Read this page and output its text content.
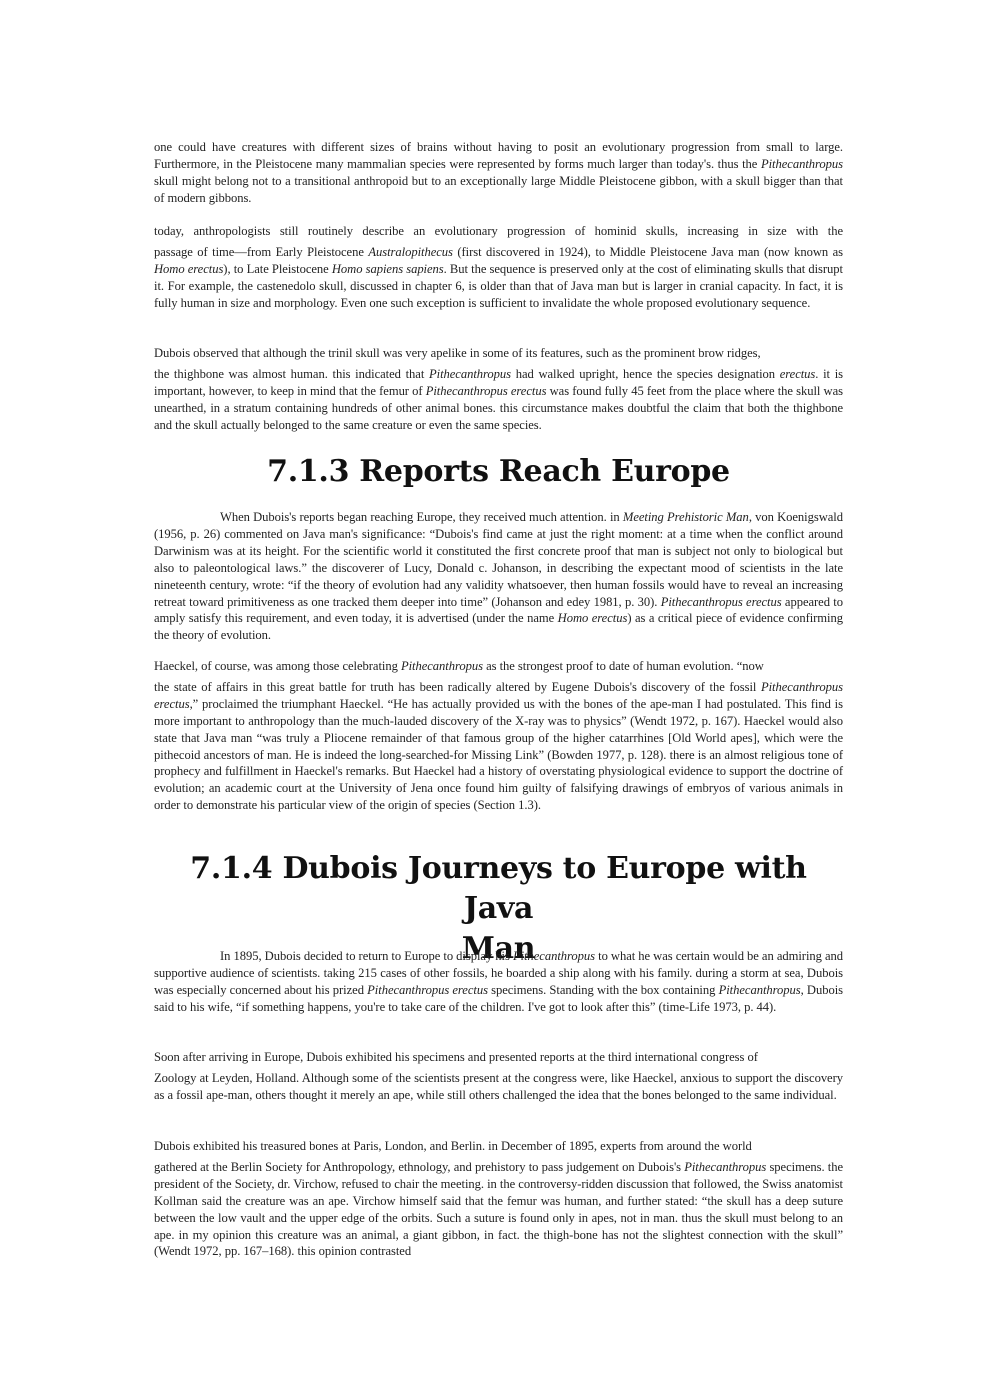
one could have creatures with different sizes of brains without having to posit an evolutionary progression from small to large. Furthermore, in the Pleistocene many mammalian species were represented by forms much larger than today's. thus the Pithecanthropus skull might belong not to a transitional anthropoid but to an exceptionally large Middle Pleistocene gibbon, with a skull bigger than that of modern gibbons.

today, anthropologists still routinely describe an evolutionary progression of hominid skulls, increasing in size with the
passage of time—from Early Pleistocene Australopithecus (first discovered in 1924), to Middle Pleistocene Java man (now known as Homo erectus), to Late Pleistocene Homo sapiens sapiens. But the sequence is preserved only at the cost of eliminating skulls that disrupt it. For example, the castenedolo skull, discussed in chapter 6, is older than that of Java man but is larger in cranial capacity. In fact, it is fully human in size and morphology. Even one such exception is sufficient to invalidate the whole proposed evolutionary sequence.

Dubois observed that although the trinil skull was very apelike in some of its features, such as the prominent brow ridges,
the thighbone was almost human. this indicated that Pithecanthropus had walked upright, hence the species designation erectus. it is important, however, to keep in mind that the femur of Pithecanthropus erectus was found fully 45 feet from the place where the skull was unearthed, in a stratum containing hundreds of other animal bones. this circumstance makes doubtful the claim that both the thighbone and the skull actually belonged to the same creature or even the same species.

7.1.3 Reports Reach Europe

When Dubois's reports began reaching Europe, they received much attention. in Meeting Prehistoric Man, von Koenigswald (1956, p. 26) commented on Java man's significance: “Dubois's find came at just the right moment: at a time when the conflict around Darwinism was at its height. For the scientific world it constituted the first concrete proof that man is subject not only to biological but also to paleontological laws.” the discoverer of Lucy, Donald c. Johanson, in describing the expectant mood of scientists in the late nineteenth century, wrote: “if the theory of evolution had any validity whatsoever, then human fossils would have to reveal an increasing retreat toward primitiveness as one tracked them deeper into time” (Johanson and edey 1981, p. 30). Pithecanthropus erectus appeared to amply satisfy this requirement, and even today, it is advertised (under the name Homo erectus) as a critical piece of evidence confirming the theory of evolution.

Haeckel, of course, was among those celebrating Pithecanthropus as the strongest proof to date of human evolution. “now
the state of affairs in this great battle for truth has been radically altered by Eugene Dubois's discovery of the fossil Pithecanthropus erectus,” proclaimed the triumphant Haeckel. “He has actually provided us with the bones of the ape-man I had postulated. This find is more important to anthropology than the much-lauded discovery of the X-ray was to physics” (Wendt 1972, p. 167). Haeckel would also state that Java man “was truly a Pliocene remainder of that famous group of the higher catarrhines [Old World apes], which were the pithecoid ancestors of man. He is indeed the long-searched-for Missing Link” (Bowden 1977, p. 128). there is an almost religious tone of prophecy and fulfillment in Haeckel's remarks. But Haeckel had a history of overstating physiological evidence to support the doctrine of evolution; an academic court at the University of Jena once found him guilty of falsifying drawings of embryos of various animals in order to demonstrate his particular view of the origin of species (Section 1.3).

7.1.4 Dubois Journeys to Europe with Java
Man

In 1895, Dubois decided to return to Europe to display his Pithecanthropus to what he was certain would be an admiring and supportive audience of scientists. taking 215 cases of other fossils, he boarded a ship along with his family. during a storm at sea, Dubois was especially concerned about his prized Pithecanthropus erectus specimens. Standing with the box containing Pithecanthropus, Dubois said to his wife, “if something happens, you're to take care of the children. I've got to look after this” (time-Life 1973, p. 44).

Soon after arriving in Europe, Dubois exhibited his specimens and presented reports at the third international congress of
Zoology at Leyden, Holland. Although some of the scientists present at the congress were, like Haeckel, anxious to support the discovery as a fossil ape-man, others thought it merely an ape, while still others challenged the idea that the bones belonged to the same individual.

Dubois exhibited his treasured bones at Paris, London, and Berlin. in December of 1895, experts from around the world
gathered at the Berlin Society for Anthropology, ethnology, and prehistory to pass judgement on Dubois's Pithecanthropus specimens. the president of the Society, dr. Virchow, refused to chair the meeting. in the controversy-ridden discussion that followed, the Swiss anatomist Kollman said the creature was an ape. Virchow himself said that the femur was human, and further stated: “the skull has a deep suture between the low vault and the upper edge of the orbits. Such a suture is found only in apes, not in man. thus the skull must belong to an ape. in my opinion this creature was an animal, a giant gibbon, in fact. the thigh-bone has not the slightest connection with the skull” (Wendt 1972, pp. 167–168). this opinion contrasted
